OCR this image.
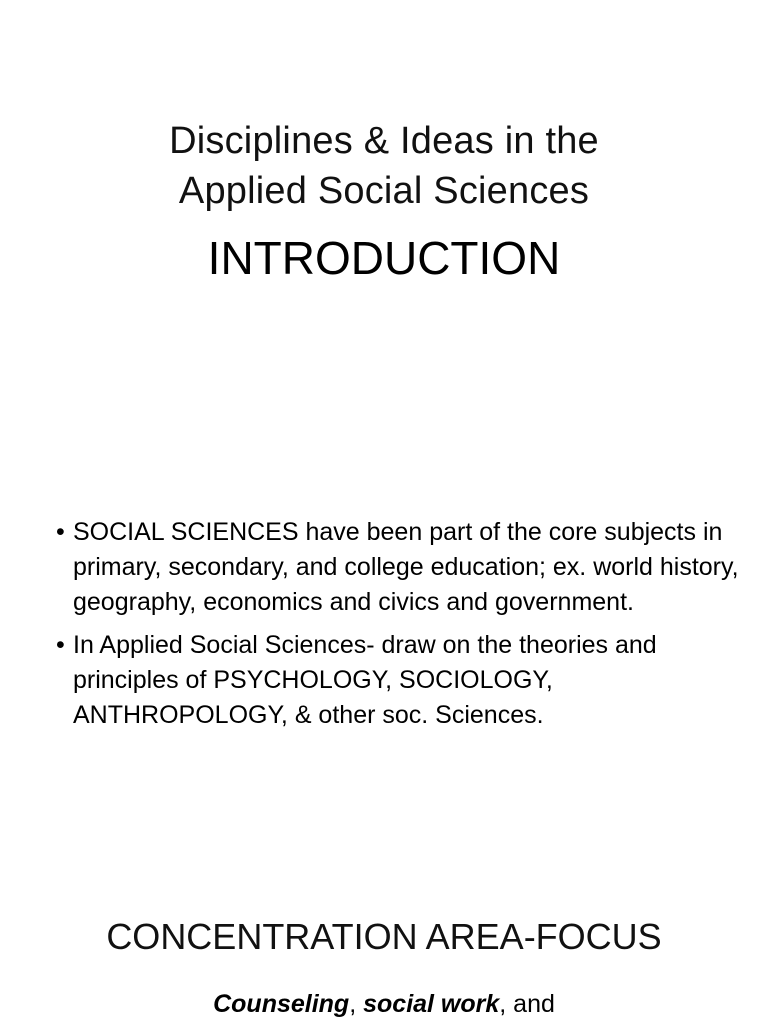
Disciplines & Ideas in the
Applied Social Sciences
INTRODUCTION
• SOCIAL SCIENCES have been part of the core subjects in primary, secondary, and college education; ex. world history, geography, economics and civics and government.
• In Applied Social Sciences- draw on the theories and principles of PSYCHOLOGY, SOCIOLOGY, ANTHROPOLOGY, & other soc. Sciences.
CONCENTRATION AREA-FOCUS
Counseling, social work, and
